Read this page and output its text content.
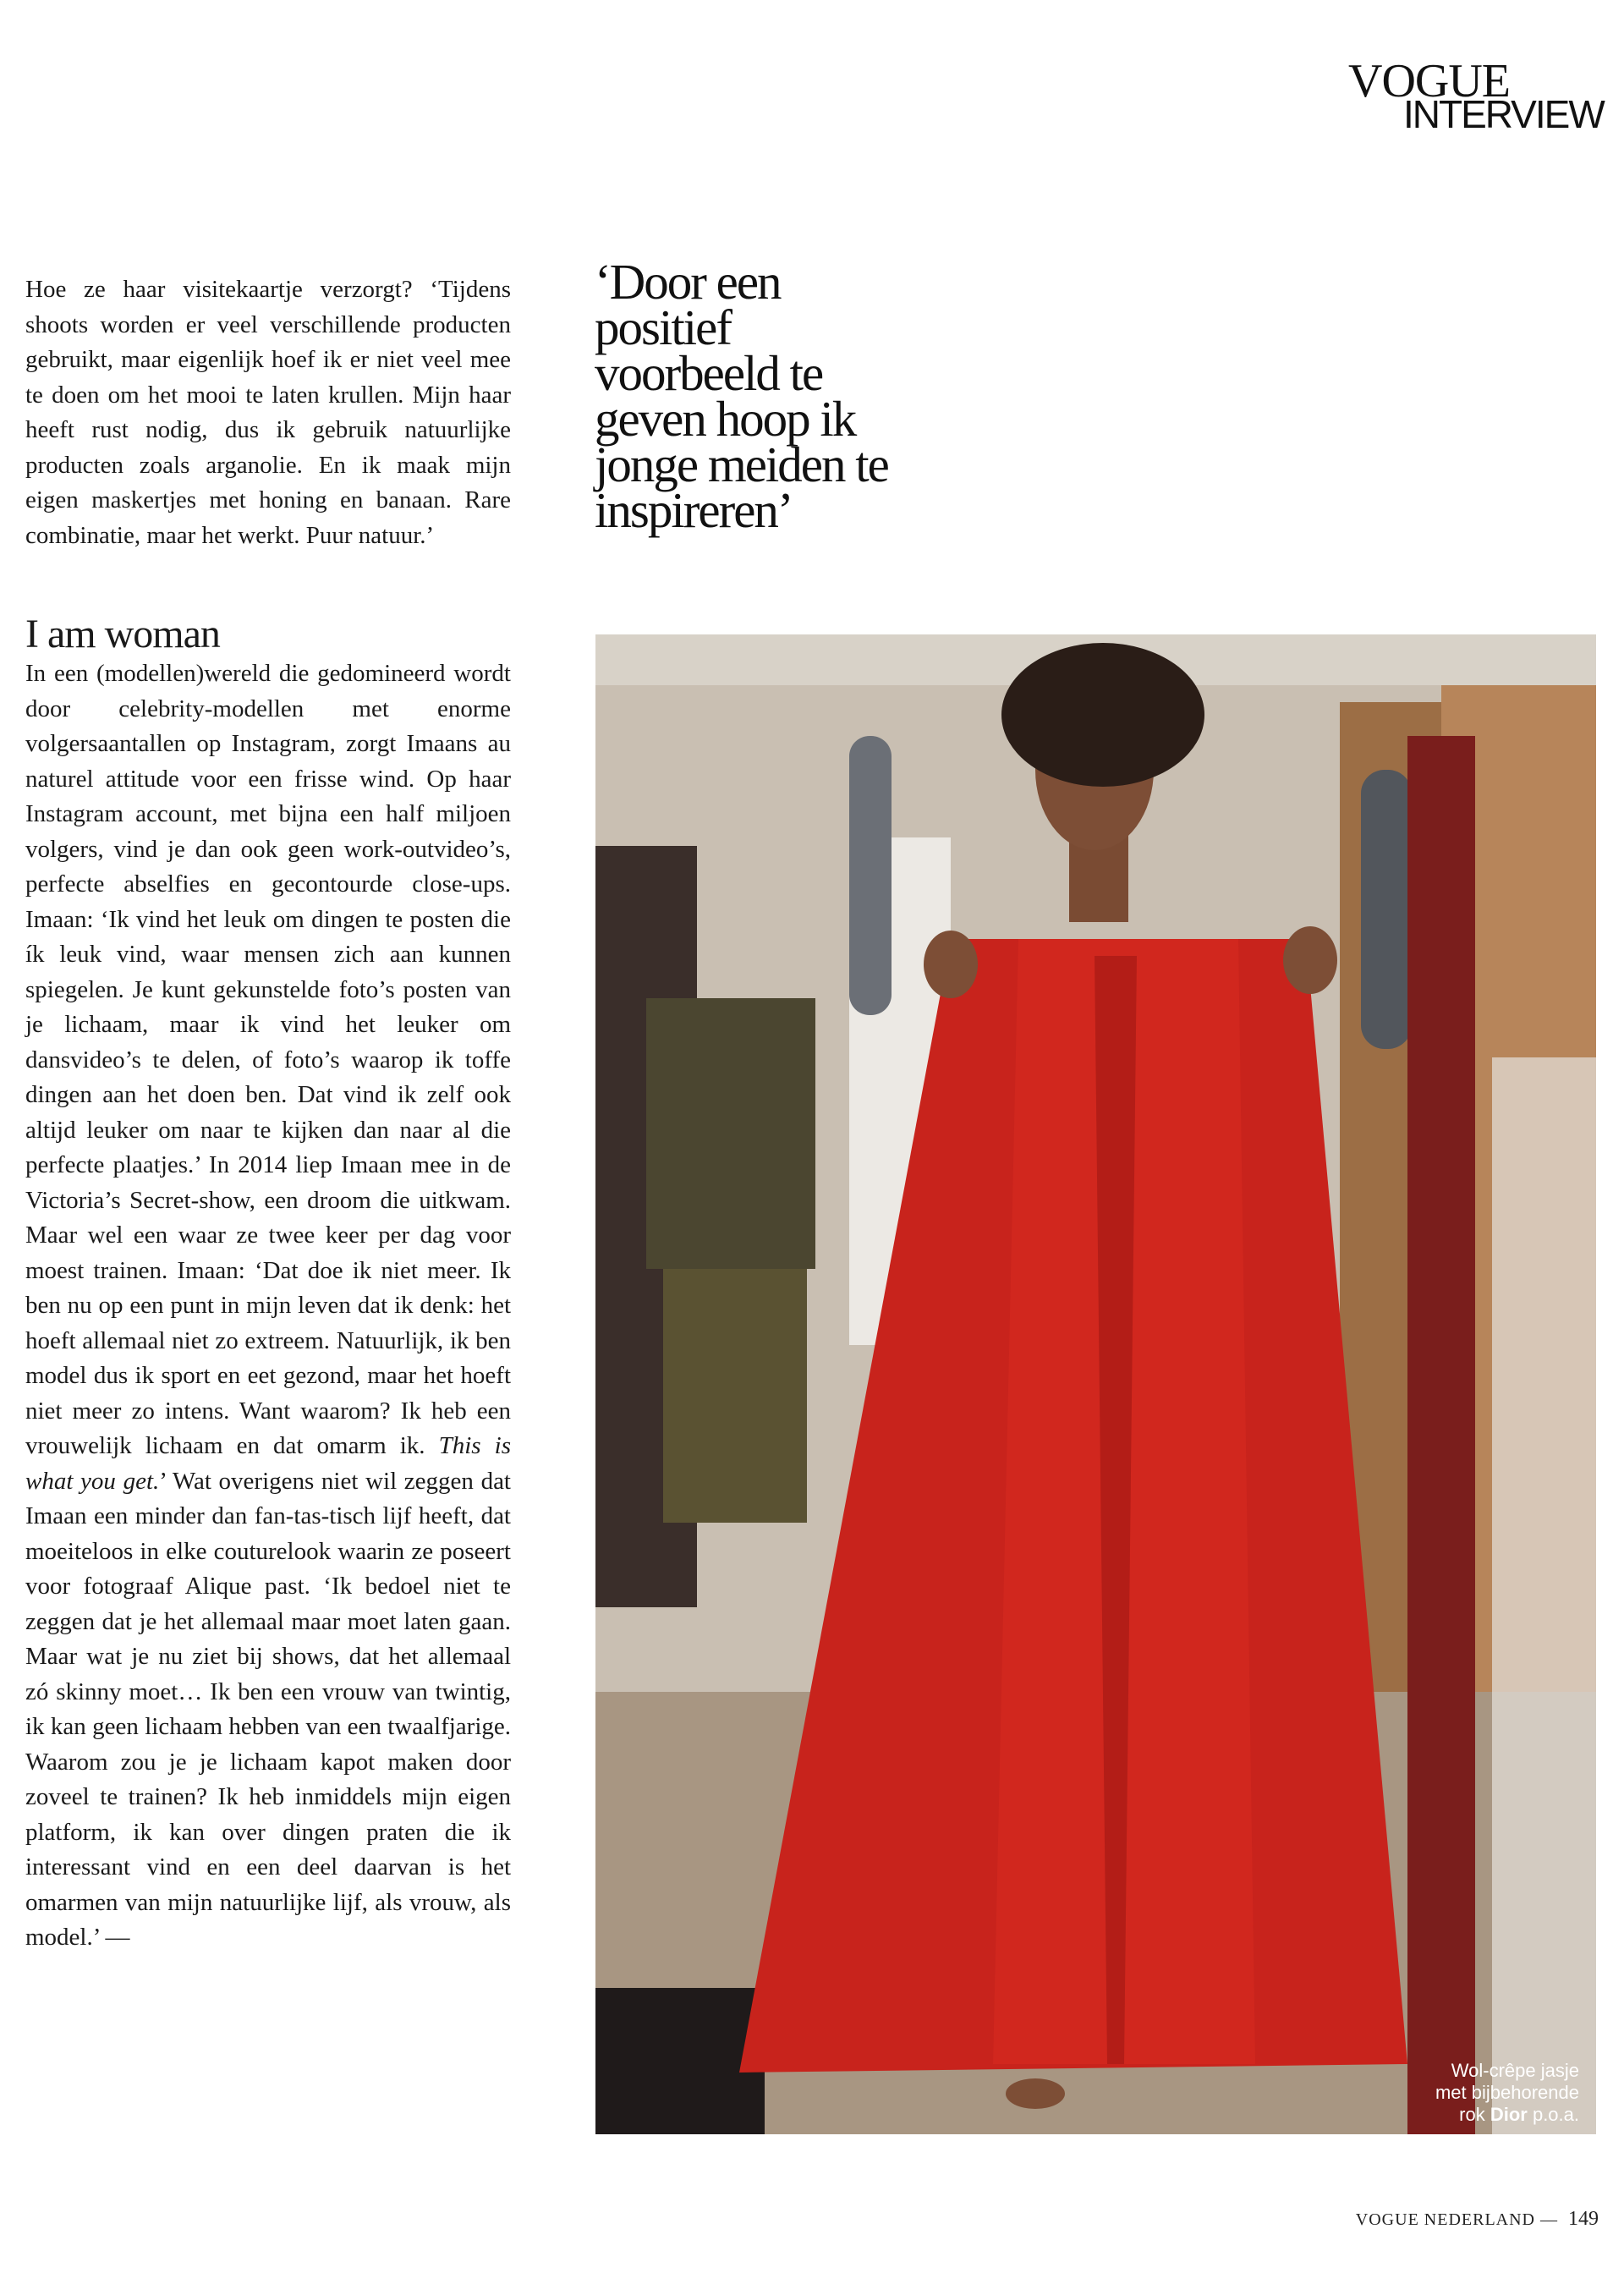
VOGUE
INTERVIEW

Hoe ze haar visitekaartje verzorgt? ‘Tijdens shoots worden er veel verschillende producten gebruikt, maar eigenlijk hoef ik er niet veel mee te doen om het mooi te laten krullen. Mijn haar heeft rust nodig, dus ik gebruik natuurlijke producten zoals arganolie. En ik maak mijn eigen maskertjes met honing en banaan. Rare combinatie, maar het werkt. Puur natuur.’

I am woman

In een (modellen)wereld die gedomineerd wordt door celebrity-modellen met enorme volgersaantallen op Instagram, zorgt Imaans au naturel attitude voor een frisse wind. Op haar Instagram account, met bijna een half miljoen volgers, vind je dan ook geen work-outvideo’s, perfecte abselfies en gecontourde close-ups. Imaan: ‘Ik vind het leuk om dingen te posten die ík leuk vind, waar mensen zich aan kunnen spiegelen. Je kunt gekunstelde foto’s posten van je lichaam, maar ik vind het leuker om dansvideo’s te delen, of foto’s waarop ik toffe dingen aan het doen ben. Dat vind ik zelf ook altijd leuker om naar te kijken dan naar al die perfecte plaatjes.’ In 2014 liep Imaan mee in de Victoria’s Secret-show, een droom die uitkwam. Maar wel een waar ze twee keer per dag voor moest trainen. Imaan: ‘Dat doe ik niet meer. Ik ben nu op een punt in mijn leven dat ik denk: het hoeft allemaal niet zo extreem. Natuurlijk, ik ben model dus ik sport en eet gezond, maar het hoeft niet meer zo intens. Want waarom? Ik heb een vrouwelijk lichaam en dat omarm ik. This is what you get.’ Wat overigens niet wil zeggen dat Imaan een minder dan fan-tas-tisch lijf heeft, dat moeiteloos in elke couturelook waarin ze poseert voor fotograaf Alique past. ‘Ik bedoel niet te zeggen dat je het allemaal maar moet laten gaan. Maar wat je nu ziet bij shows, dat het allemaal zó skinny moet… Ik ben een vrouw van twintig, ik kan geen lichaam hebben van een twaalfjarige. Waarom zou je je lichaam kapot maken door zoveel te trainen? Ik heb inmiddels mijn eigen platform, ik kan over dingen praten die ik interessant vind en een deel daarvan is het omarmen van mijn natuurlijke lijf, als vrouw, als model.’ —

‘Door een positief voorbeeld te geven hoop ik jonge meiden te inspireren’

Wol-crêpe jasje
met bijbehorende
rok Dior p.o.a.
VOGUE NEDERLAND — 149
